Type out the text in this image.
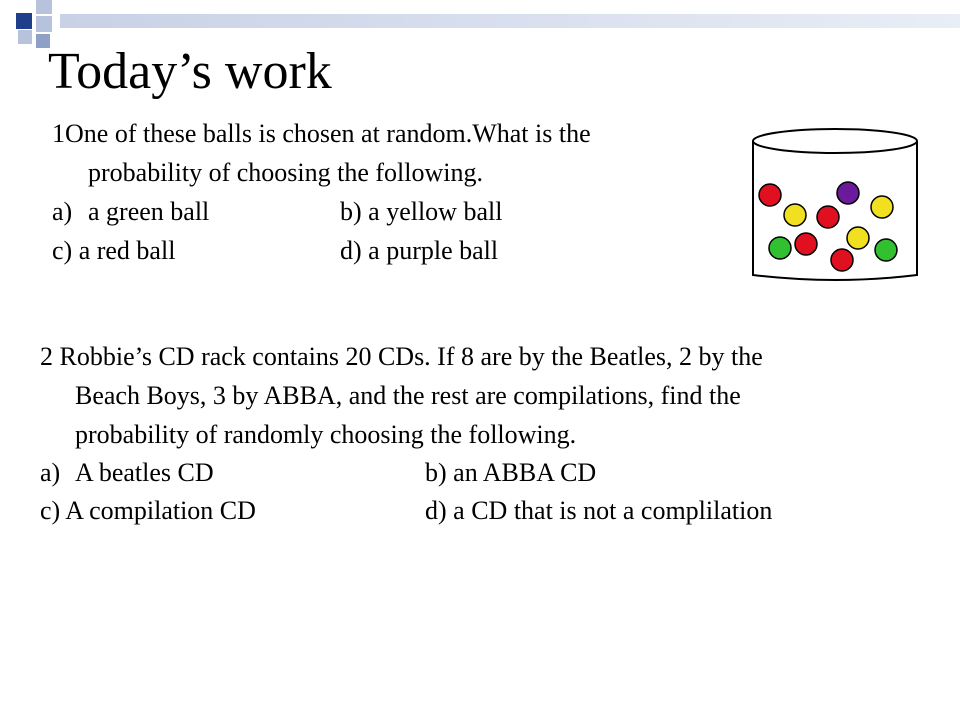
Today’s work
1One of these balls is chosen at random.What is the
probability of choosing the following.
a) a green ball	b) a yellow ball
c) a red ball	d) a purple ball
2 Robbie’s CD rack contains 20 CDs. If 8 are by the Beatles, 2 by the
Beach Boys, 3 by ABBA, and the rest are compilations, find the
probability of randomly choosing the following.
a) A beatles CD	b) an ABBA CD
c) A compilation CD	d) a CD that is not a complilation
